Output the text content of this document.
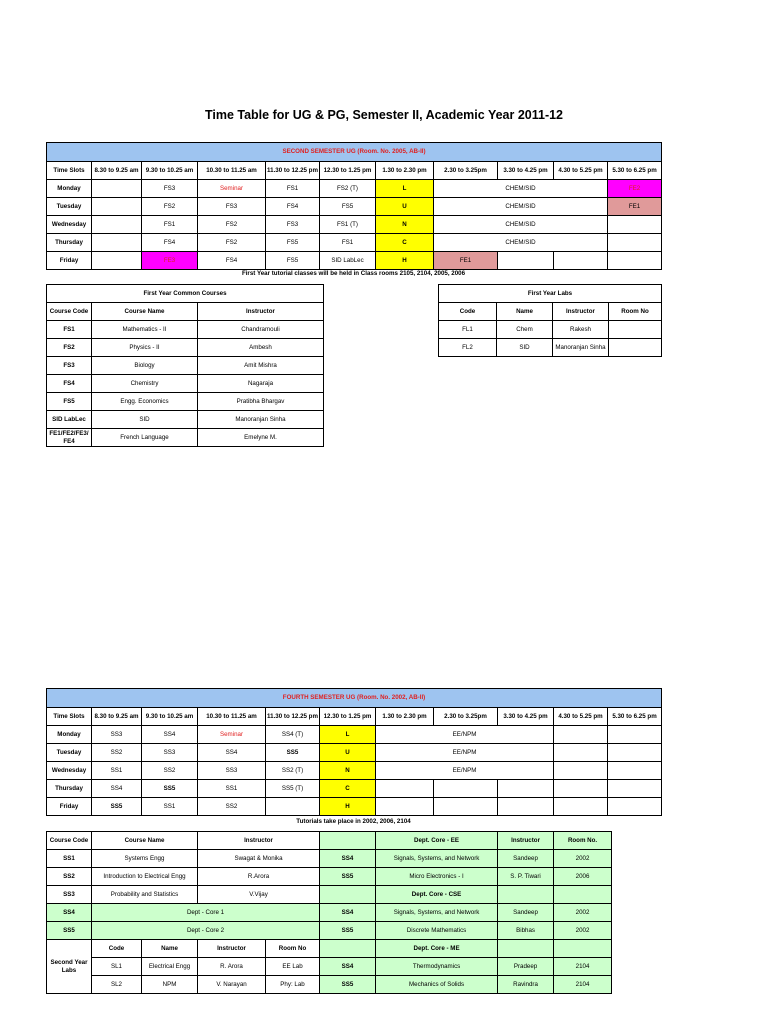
Time Table for UG & PG, Semester II, Academic Year 2011-12
SECOND SEMESTER UG (Room. No. 2005, AB-II)										
Time Slots	8.30 to 9.25 am	9.30 to 10.25 am	10.30 to 11.25 am	11.30 to 12.25 pm	12.30 to 1.25 pm	1.30 to 2.30 pm	2.30 to 3.25pm	3.30 to 4.25 pm	4.30 to 5.25 pm	5.30 to 6.25 pm
Monday		FS3	Seminar	FS1	FS2 (T)	L	CHEM/SID			FE2
Tuesday		FS2	FS3	FS4	FS5	U	CHEM/SID			FE1
Wednesday		FS1	FS2	FS3	FS1 (T)	N	CHEM/SID			
Thursday		FS4	FS2	FS5	FS1	C	CHEM/SID			
Friday		FE3	FS4	FS5	SID LabLec	H	FE1			
First Year tutorial classes will be held in Class rooms 2105, 2104, 2005, 2006
First Year Common Courses		
Course Code	Course Name	Instructor
FS1	Mathematics - II	Chandramouli
FS2	Physics - II	Ambesh
FS3	Biology	Amit Mishra
FS4	Chemistry	Nagaraja
FS5	Engg. Economics	Pratibha Bhargav
SID LabLec	SID	Manoranjan Sinha
FE1/FE2/FE3/ FE4	French Language	Emelyne M.
First Year Labs			
Code	Name	Instructor	Room No
FL1	Chem	Rakesh	
FL2	SID	Manoranjan Sinha	
FOURTH SEMESTER UG (Room. No. 2002, AB-II)										
Time Slots	8.30 to 9.25 am	9.30 to 10.25 am	10.30 to 11.25 am	11.30 to 12.25 pm	12.30 to 1.25 pm	1.30 to 2.30 pm	2.30 to 3.25pm	3.30 to 4.25 pm	4.30 to 5.25 pm	5.30 to 6.25 pm
Monday	SS3	SS4	Seminar	SS4 (T)	L	EE/NPM				
Tuesday	SS2	SS3	SS4	SS5	U	EE/NPM				
Wednesday	SS1	SS2	SS3	SS2 (T)	N	EE/NPM				
Thursday	SS4	SS5	SS1	SS5 (T)	C					
Friday	SS5	SS1	SS2		H					
Tutorials take place in 2002, 2006, 2104
Course Code	Course Name		Instructor			Dept. Core - EE	Instructor	Room No.
SS1	Systems Engg		Swagat & Monika		SS4	Signals, Systems, and Network	Sandeep	2002
SS2	Introduction to Electrical Engg		R.Arora		SS5	Micro Electronics - I	S. P. Tiwari	2006
SS3	Probability and Statistics		V.Vijay			Dept. Core - CSE		
SS4	Dept - Core 1				SS4	Signals, Systems, and Network	Sandeep	2002
SS5	Dept - Core 2				SS5	Discrete Mathematics	Bibhas	2002
Second Year Labs	Code	Name	Instructor	Room No		Dept. Core - ME		
	SL1	Electrical Engg	R. Arora	EE Lab	SS4	Thermodynamics	Pradeep	2104
	SL2	NPM	V. Narayan	Phy: Lab	SS5	Mechanics of Solids	Ravindra	2104
